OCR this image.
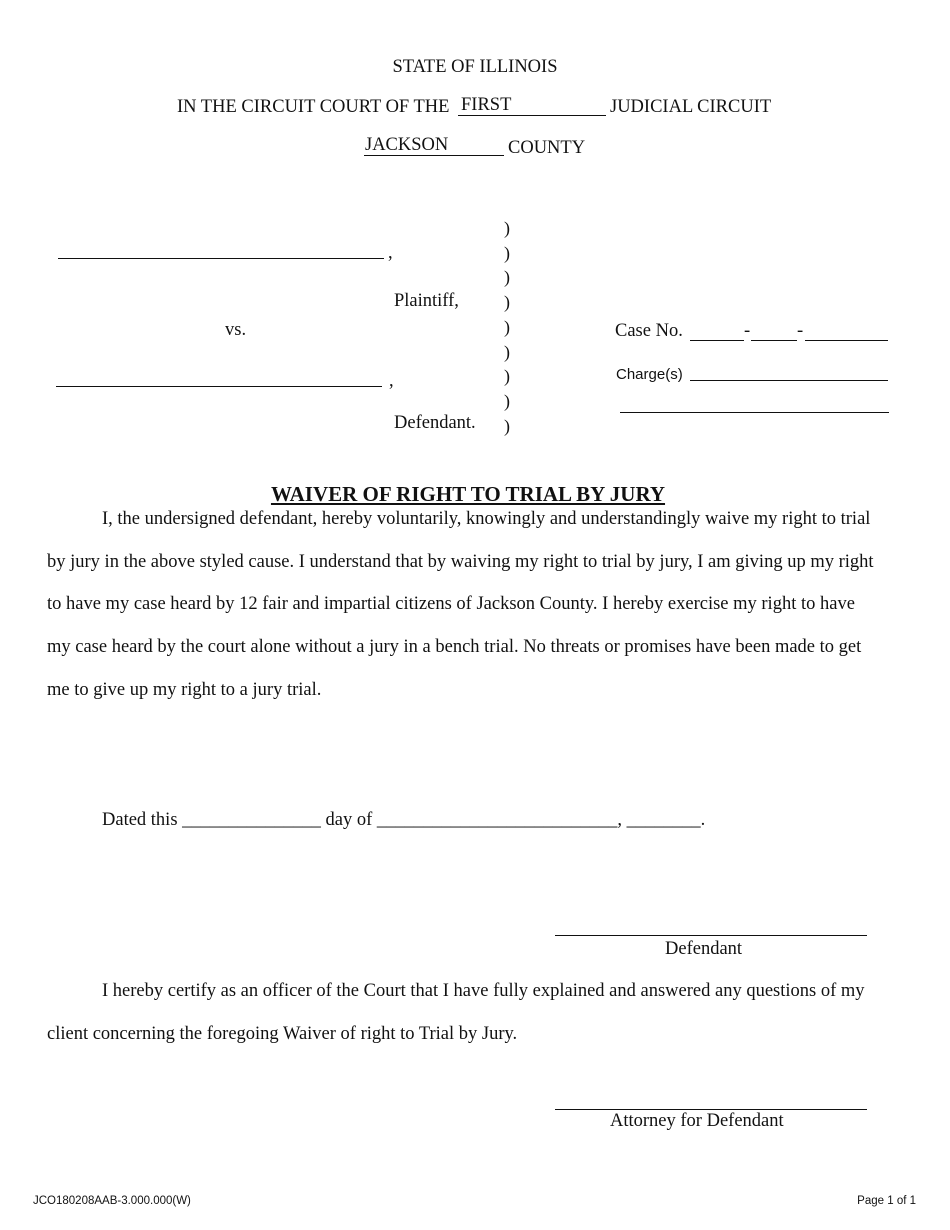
STATE OF ILLINOIS
IN THE CIRCUIT COURT OF THE FIRST	JUDICIAL CIRCUIT
JACKSON	COUNTY
,
Plaintiff,
vs.
,
Defendant.
)
)
)
)
)
)
)
)
)
Case No.	-	-
Charge(s)
WAIVER OF RIGHT TO TRIAL BY JURY
I, the undersigned defendant, hereby voluntarily, knowingly and understandingly waive my right to trial
by jury in the above styled cause. I understand that by waiving my right to trial by jury, I am giving up my right
to have my case heard by 12 fair and impartial citizens of Jackson County. I hereby exercise my right to have
my case heard by the court alone without a jury in a bench trial. No threats or promises have been made to get
me to give up my right to a jury trial.
Dated this _______________ day of __________________________, ________.
Defendant
I hereby certify as an officer of the Court that I have fully explained and answered any questions of my
client concerning the foregoing Waiver of right to Trial by Jury.
Attorney for Defendant
JCO180208AAB-3.000.000(W)	Page 1 of 1
